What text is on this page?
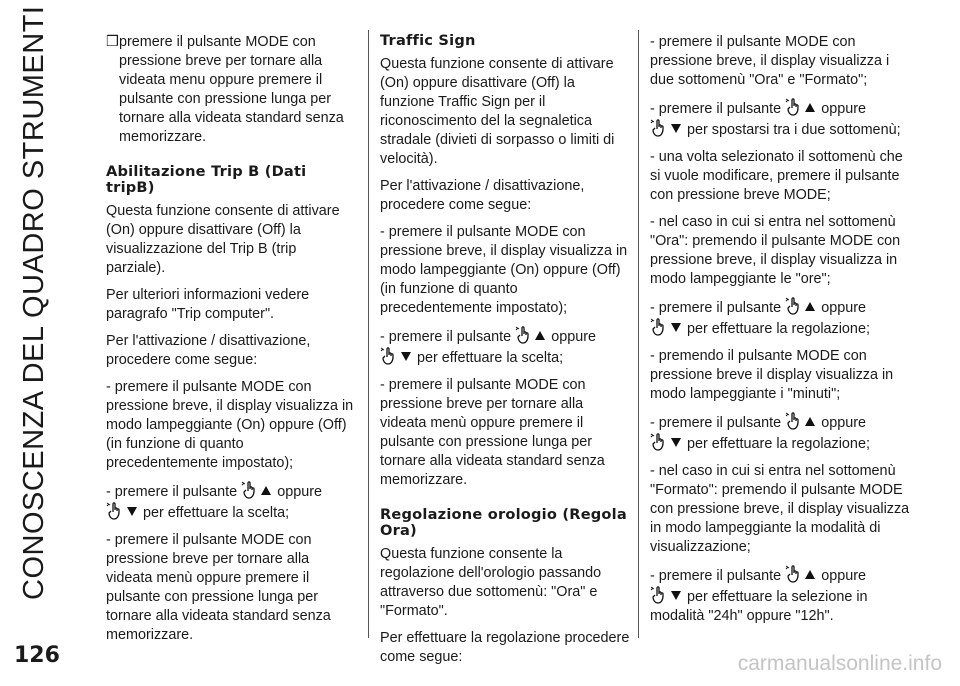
CONOSCENZA DEL QUADRO STRUMENTI
126	carmanualsonline.info

❒ premere il pulsante MODE con pressione breve per tornare alla videata menu oppure premere il pulsante con pressione lunga per tornare alla videata standard senza memorizzare.

Abilitazione Trip B (Dati tripB)

Questa funzione consente di attivare (On) oppure disattivare (Off) la visualizzazione del Trip B (trip parziale).

Per ulteriori informazioni vedere paragrafo "Trip computer".

Per l'attivazione / disattivazione, procedere come segue:

- premere il pulsante MODE con pressione breve, il display visualizza in modo lampeggiante (On) oppure (Off) (in funzione di quanto precedentemente impostato);

- premere il pulsante	oppure

per effettuare la scelta;

- premere il pulsante MODE con pressione breve per tornare alla videata menù oppure premere il pulsante con pressione lunga per tornare alla videata standard senza memorizzare.

Traffic Sign

Questa funzione consente di attivare (On) oppure disattivare (Off) la funzione Traffic Sign per il riconoscimento del la segnaletica stradale (divieti di sorpasso o limiti di velocità).

Per l'attivazione / disattivazione, procedere come segue:

- premere il pulsante MODE con pressione breve, il display visualizza in modo lampeggiante (On) oppure (Off) (in funzione di quanto precedentemente impostato);

- premere il pulsante	oppure

per effettuare la scelta;

- premere il pulsante MODE con pressione breve per tornare alla videata menù oppure premere il pulsante con pressione lunga per tornare alla videata standard senza memorizzare.

Regolazione orologio (Regola Ora)

Questa funzione consente la regolazione dell'orologio passando attraverso due sottomenù: "Ora" e "Formato".

Per effettuare la regolazione procedere come segue:

- premere il pulsante MODE con pressione breve, il display visualizza i due sottomenù "Ora" e "Formato";

- premere il pulsante	oppure

per spostarsi tra i due sottomenù;

- una volta selezionato il sottomenù che si vuole modificare, premere il pulsante con pressione breve MODE;

- nel caso in cui si entra nel sottomenù "Ora": premendo il pulsante MODE con pressione breve, il display visualizza in modo lampeggiante le "ore";

- premere il pulsante	oppure

per effettuare la regolazione;

- premendo il pulsante MODE con pressione breve il display visualizza in modo lampeggiante i "minuti";

- premere il pulsante	oppure

per effettuare la regolazione;

- nel caso in cui si entra nel sottomenù "Formato": premendo il pulsante MODE con pressione breve, il display visualizza in modo lampeggiante la modalità di visualizzazione;

- premere il pulsante	oppure

per effettuare la selezione in modalità "24h" oppure "12h".
